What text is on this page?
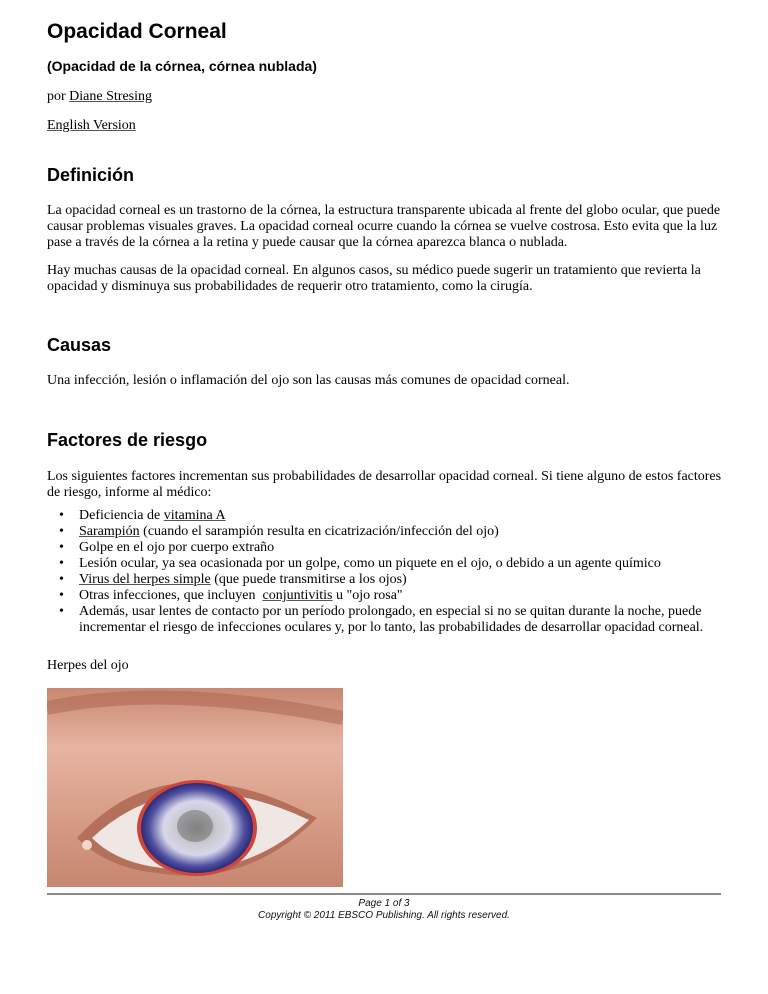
Opacidad Corneal
(Opacidad de la córnea, córnea nublada)
por Diane Stresing
English Version
Definición

La opacidad corneal es un trastorno de la córnea, la estructura transparente ubicada al frente del globo ocular, que puede causar problemas visuales graves. La opacidad corneal ocurre cuando la córnea se vuelve costrosa. Esto evita que la luz pase a través de la córnea a la retina y puede causar que la córnea aparezca blanca o nublada.

Hay muchas causas de la opacidad corneal. En algunos casos, su médico puede sugerir un tratamiento que revierta la opacidad y disminuya sus probabilidades de requerir otro tratamiento, como la cirugía.

Causas

Una infección, lesión o inflamación del ojo son las causas más comunes de opacidad corneal.

Factores de riesgo

Los siguientes factores incrementan sus probabilidades de desarrollar opacidad corneal. Si tiene alguno de estos factores de riesgo, informe al médico:

• Deficiencia de vitamina A
• Sarampión (cuando el sarampión resulta en cicatrización/infección del ojo)
• Golpe en el ojo por cuerpo extraño
• Lesión ocular, ya sea ocasionada por un golpe, como un piquete en el ojo, o debido a un agente químico
• Virus del herpes simple (que puede transmitirse a los ojos)
• Otras infecciones, que incluyen  conjuntivitis u "ojo rosa"
• Además, usar lentes de contacto por un período prolongado, en especial si no se quitan durante la noche, puede incrementar el riesgo de infecciones oculares y, por lo tanto, las probabilidades de desarrollar opacidad corneal.

Herpes del ojo

Page 1 of 3
Copyright © 2011 EBSCO Publishing. All rights reserved.
